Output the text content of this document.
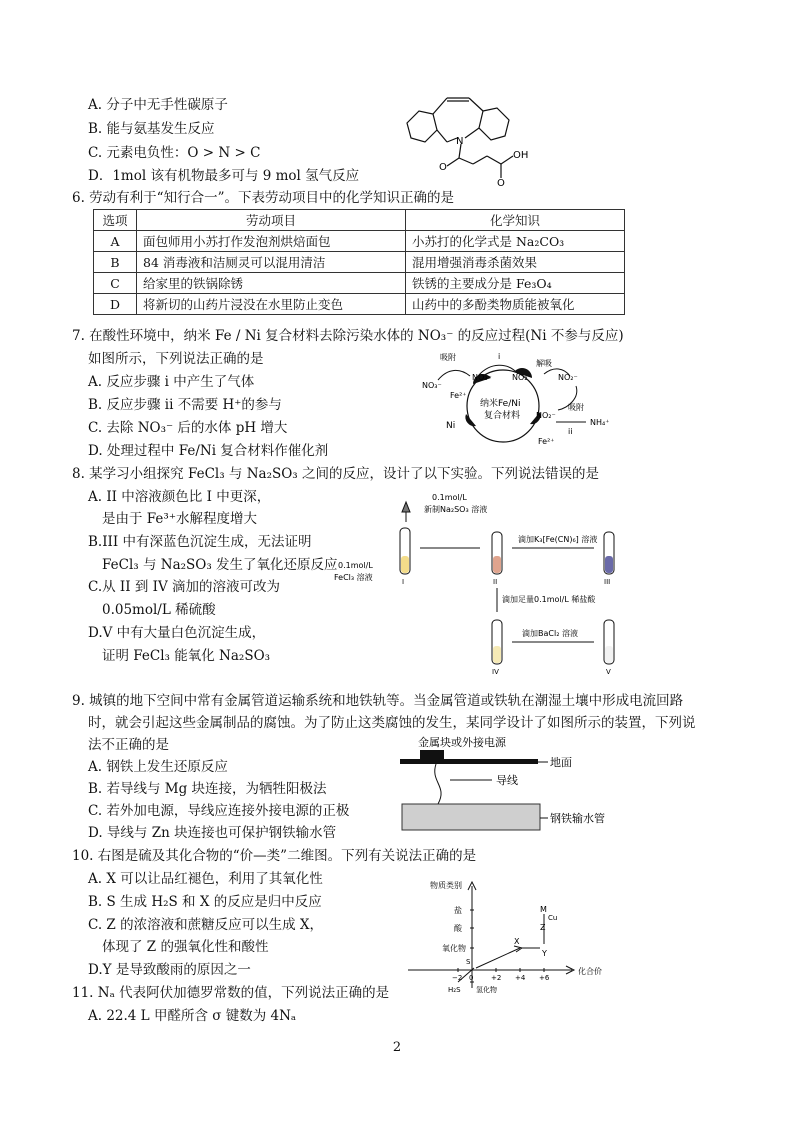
A. 分子中无手性碳原子
B. 能与氨基发生反应
C. 元素电负性：O > N > C
D．1mol 该有机物最多可与 9 mol 氢气反应
N
O
O
OH
6. 劳动有利于“知行合一”。下表劳动项目中的化学知识正确的是
选项	劳动项目	化学知识
A	面包师用小苏打作发泡剂烘焙面包	小苏打的化学式是 Na₂CO₃
B	84 消毒液和洁厕灵可以混用清洁	混用增强消毒杀菌效果
C	给家里的铁锅除锈	铁锈的主要成分是 Fe₃O₄
D	将新切的山药片浸没在水里防止变色	山药中的多酚类物质能被氧化
7. 在酸性环境中，纳米 Fe / Ni 复合材料去除污染水体的 NO₃⁻ 的反应过程(Ni 不参与反应)
如图所示，下列说法正确的是
A. 反应步骤 i 中产生了气体
B. 反应步骤 ii 不需要 H⁺的参与
C. 去除 NO₃⁻ 后的水体 pH 增大
D. 处理过程中 Fe/Ni 复合材料作催化剂
吸附	i
解吸
吸附
ii
NO₃⁻
NO₃⁻	NO₂⁻	NO₂⁻
NO₂⁻
NH₄⁺
Fe²⁺
Fe²⁺
Ni
纳米Fe/Ni
复合材料
8. 某学习小组探究 FeCl₃ 与 Na₂SO₃ 之间的反应，设计了以下实验。下列说法错误的是
A. II 中溶液颜色比 I 中更深，
是由于 Fe³⁺水解程度增大
B.III 中有深蓝色沉淀生成，无法证明
FeCl₃ 与 Na₂SO₃ 发生了氧化还原反应
C.从 II 到 IV 滴加的溶液可改为
0.05mol/L 稀硫酸
D.V 中有大量白色沉淀生成，
证明 FeCl₃ 能氧化 Na₂SO₃
0.1mol/L
新制Na₂SO₃ 溶液
0.1mol/L
FeCl₃ 溶液
滴加K₃[Fe(CN)₆] 溶液
滴加足量0.1mol/L 稀盐酸
滴加BaCl₂ 溶液
I	II	III
IV	V
9. 城镇的地下空间中常有金属管道运输系统和地铁轨等。当金属管道或铁轨在潮湿土壤中形成电流回路
时，就会引起这些金属制品的腐蚀。为了防止这类腐蚀的发生，某同学设计了如图所示的装置，下列说
法不正确的是
A. 钢铁上发生还原反应
B. 若导线与 Mg 块连接，为牺牲阳极法
C. 若外加电源，导线应连接外接电源的正极
D. 导线与 Zn 块连接也可保护钢铁输水管
金属块或外接电源
地面
导线
钢铁输水管
10. 右图是硫及其化合物的“价—类”二维图。下列有关说法正确的是
A. X 可以让品红褪色，利用了其氧化性
B. S 生成 H₂S 和 X 的反应是归中反应
C. Z 的浓溶液和蔗糖反应可以生成 X，
体现了 Z 的强氧化性和酸性
D.Y 是导致酸雨的原因之一
物质类别
化合价
盐
酸
氧化物
S
H₂S
X
Y
Z
M
Cu
−2 0	+2 +4 +6
氢化物
11. Nₐ 代表阿伏加德罗常数的值，下列说法正确的是
A. 22.4 L 甲醛所含 σ 键数为 4Nₐ
2
